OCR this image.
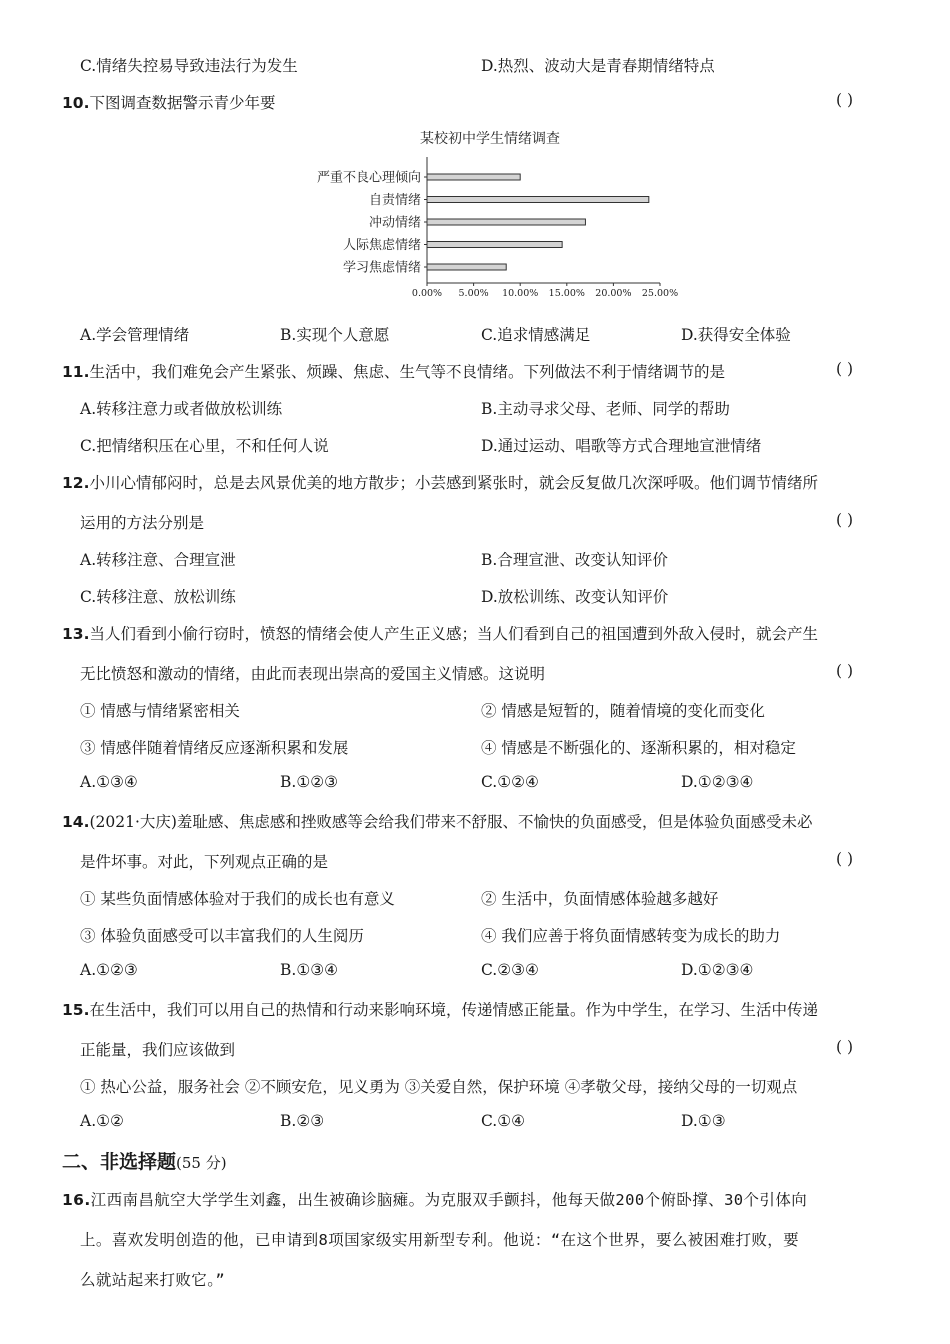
C.情绪失控易导致违法行为发生	D.热烈、波动大是青春期情绪特点
10.下图调查数据警示青少年要	( )
某校初中学生情绪调查
严重不良心理倾向
自责情绪
冲动情绪
人际焦虑情绪
学习焦虑情绪
0.00% 5.00% 10.00% 15.00% 20.00% 25.00%
A.学会管理情绪	B.实现个人意愿	C.追求情感满足	D.获得安全体验
11.生活中，我们难免会产生紧张、烦躁、焦虑、生气等不良情绪。下列做法不利于情绪调节的是	( )
A.转移注意力或者做放松训练	B.主动寻求父母、老师、同学的帮助
C.把情绪积压在心里，不和任何人说	D.通过运动、唱歌等方式合理地宣泄情绪
12.小川心情郁闷时，总是去风景优美的地方散步；小芸感到紧张时，就会反复做几次深呼吸。他们调节情绪所
运用的方法分别是	( )
A.转移注意、合理宣泄	B.合理宣泄、改变认知评价
C.转移注意、放松训练	D.放松训练、改变认知评价
13.当人们看到小偷行窃时，愤怒的情绪会使人产生正义感；当人们看到自己的祖国遭到外敌入侵时，就会产生
无比愤怒和激动的情绪，由此而表现出崇高的爱国主义情感。这说明	( )
① 情感与情绪紧密相关	② 情感是短暂的，随着情境的变化而变化
③ 情感伴随着情绪反应逐渐积累和发展	④ 情感是不断强化的、逐渐积累的，相对稳定
A.①③④	B.①②③	C.①②④	D.①②③④
14.(2021·大庆)羞耻感、焦虑感和挫败感等会给我们带来不舒服、不愉快的负面感受，但是体验负面感受未必
是件坏事。对此，下列观点正确的是	( )
① 某些负面情感体验对于我们的成长也有意义	② 生活中，负面情感体验越多越好
③ 体验负面感受可以丰富我们的人生阅历	④ 我们应善于将负面情感转变为成长的助力
A.①②③	B.①③④	C.②③④	D.①②③④
15.在生活中，我们可以用自己的热情和行动来影响环境，传递情感正能量。作为中学生，在学习、生活中传递
正能量，我们应该做到	( )
① 热心公益，服务社会 ②不顾安危，见义勇为 ③关爱自然，保护环境 ④孝敬父母，接纳父母的一切观点
A.①②	B.②③	C.①④	D.①③
二、非选择题(55 分)
16.江西南昌航空大学学生刘鑫，出生被确诊脑瘫。为克服双手颤抖，他每天做200个俯卧撑、30个引体向
上。喜欢发明创造的他，已申请到8项国家级实用新型专利。他说：“在这个世界，要么被困难打败，要
么就站起来打败它。”
